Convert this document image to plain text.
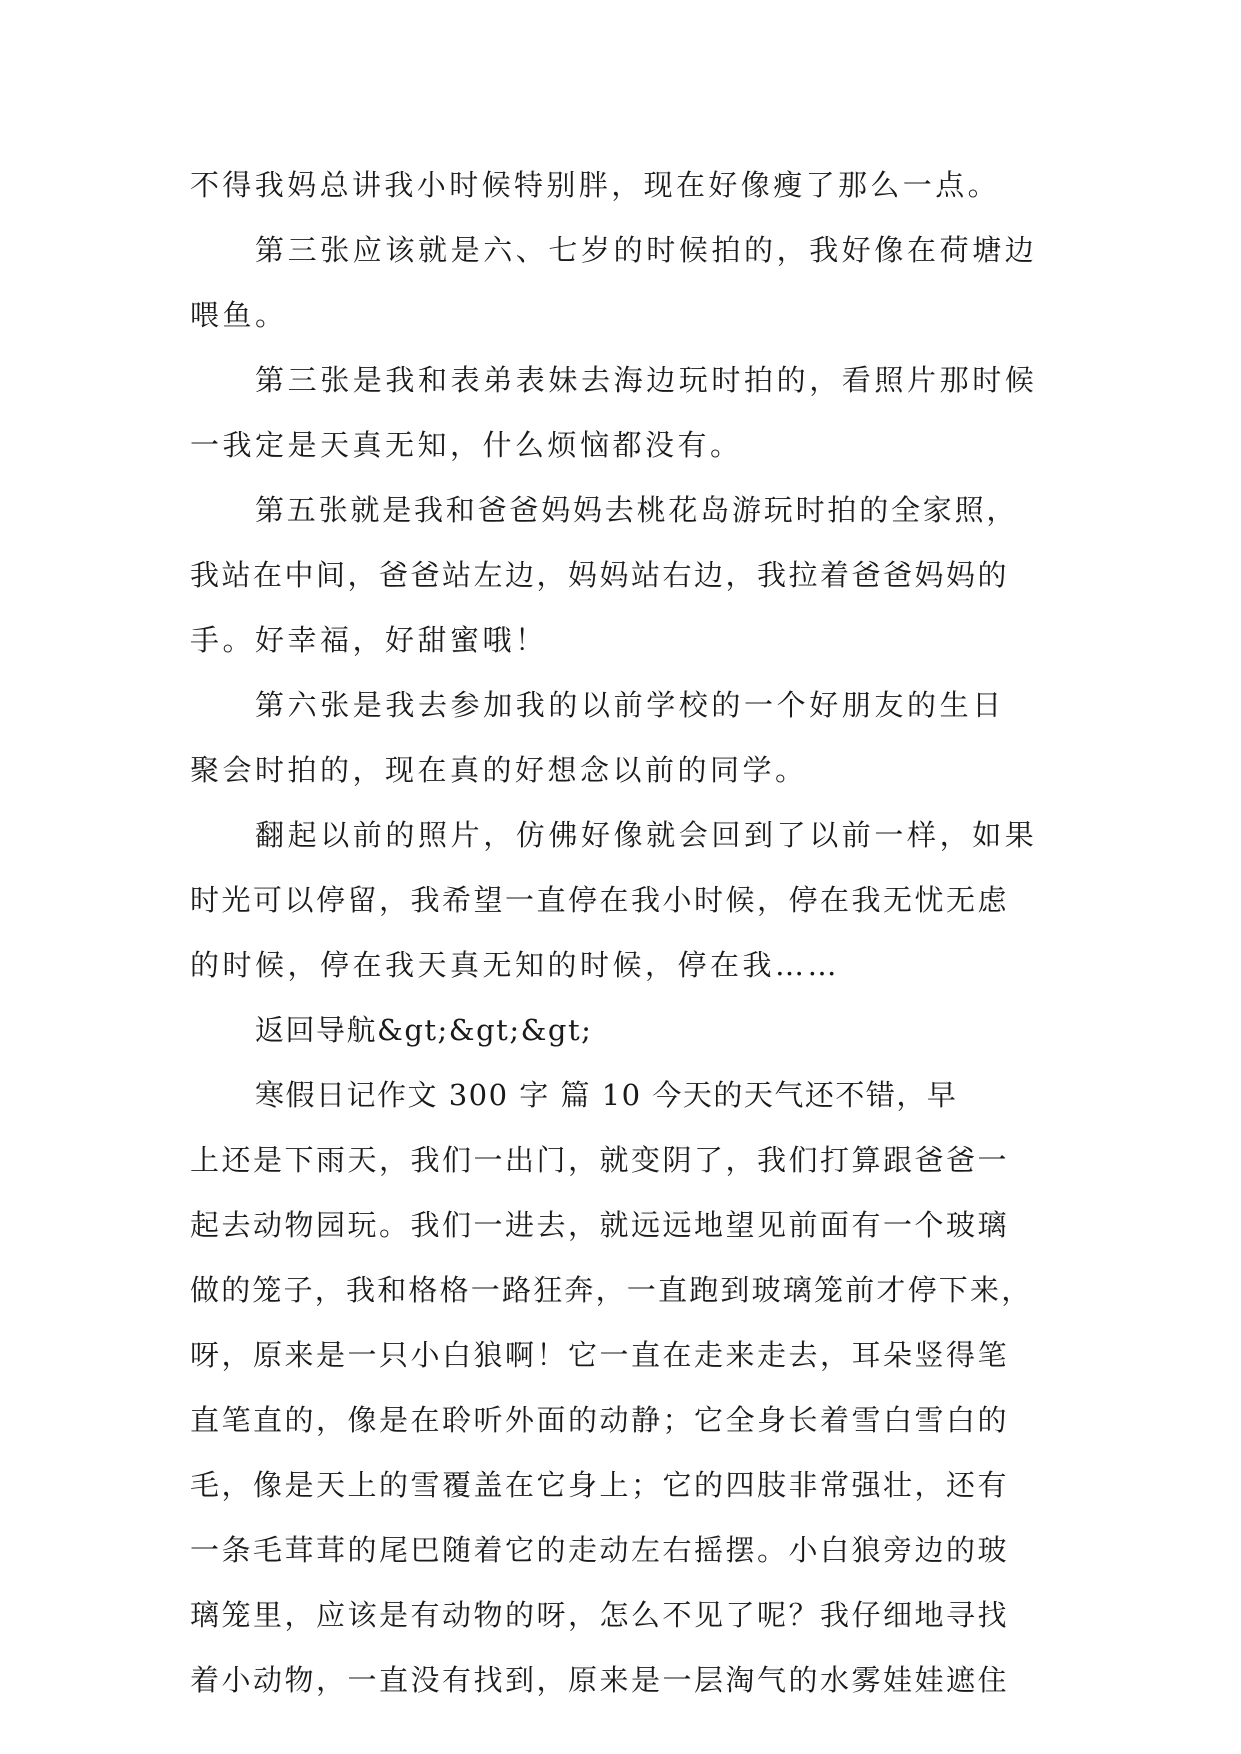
不得我妈总讲我小时候特别胖，现在好像瘦了那么一点。

第三张应该就是六、七岁的时候拍的，我好像在荷塘边

喂鱼。

第三张是我和表弟表妹去海边玩时拍的，看照片那时候

一我定是天真无知，什么烦恼都没有。

第五张就是我和爸爸妈妈去桃花岛游玩时拍的全家照，

我站在中间，爸爸站左边，妈妈站右边，我拉着爸爸妈妈的

手。好幸福，好甜蜜哦！

第六张是我去参加我的以前学校的一个好朋友的生日

聚会时拍的，现在真的好想念以前的同学。

翻起以前的照片，仿佛好像就会回到了以前一样，如果

时光可以停留，我希望一直停在我小时候，停在我无忧无虑

的时候，停在我天真无知的时候，停在我……

返回导航&gt;&gt;&gt;

寒假日记作文 300 字 篇 10 今天的天气还不错，早

上还是下雨天，我们一出门，就变阴了，我们打算跟爸爸一

起去动物园玩。我们一进去，就远远地望见前面有一个玻璃

做的笼子，我和格格一路狂奔，一直跑到玻璃笼前才停下来，

呀，原来是一只小白狼啊！它一直在走来走去，耳朵竖得笔

直笔直的，像是在聆听外面的动静；它全身长着雪白雪白的

毛，像是天上的雪覆盖在它身上；它的四肢非常强壮，还有

一条毛茸茸的尾巴随着它的走动左右摇摆。小白狼旁边的玻

璃笼里，应该是有动物的呀，怎么不见了呢？我仔细地寻找

着小动物，一直没有找到，原来是一层淘气的水雾娃娃遮住
